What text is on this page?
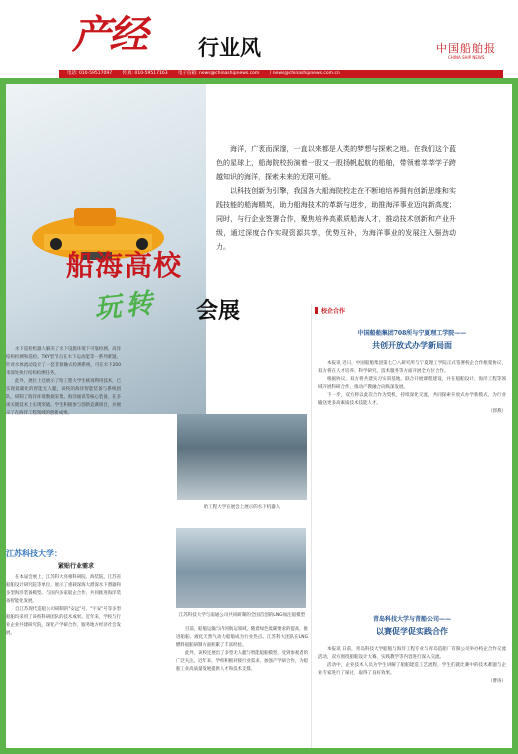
产经	行业风	中国船舶报
CHINA SHIP NEWS
电话: 010-59517097 传真: 010-59517163 电子信箱: news@chinashipnews.com / news@chinashipnews.com.cn

海洋，广袤而深邃，一直以来都是人类的梦想与探索之地。在我们这个蓝色的星球上，船海院校扮演着一股又一股扬帆起航的船舶，带领着莘莘学子跨越知识的海洋，探索未来的无限可能。

以科技创新为引擎，我国各大船海院校走在不断地培养拥有创新思维和实践技能的船海精英，助力船海技术的革新与进步，助推海洋事业迈向新高度；同时，与行企业签署合作，聚焦培养高素质船海人才，推动技术创新和产业升级，通过深度合作实现资源共享，优势互补，为海洋事业的发展注入强劲动力。

船海高校
玩转 会展

水下巡检机器人解决了水下设施环境下可靠检测、高洋结构检测和巡检。TKY型节点在水下运动能等一系列难题，针对水体流动设计了一套非接触式检测系统，可在水下200米深处执行结构检测任务。

此外，展位上还展示了哈工程大学生统再利用技术，已实现低碳化的智能无人艇，该校的海洋智能装备与系统团队，研制了海洋环境数据采集、海洋通讯等核心装备，在多项关键技术上实现突破。学生积极参与创新竞赛项目，并展示了在海洋工程领域的创新成果。

江苏科技大学：
紧贴行业需求

在本届会展上，江苏科大亮相科研院、海装院、江苏省船舶设计研究院等单位，展示了重载深海大潜深水下潜器和多型海洋装备模型。与国内多家船企合作，共同推进海洋装备智能化发展。

自江苏现代造船公司研制的"安远"号、"宇安"号等多型船舶均采用了该校科研团队的技术成果。近年来，学校与行业企业共建研究院，深化产学研合作，服务地方经济社会发展。

哈工程大学在展会上展示的水下机器人
江苏科技大学与南通公司共同研制的全国首创的LNG加注船模型

目前，船舶运输与内河航运领域，随着绿色低碳要求的提高，推进船舶、液化天然气动力船舶成为行业热点。江苏科大团队在LNG燃料船舶研制方面积累了丰富经验。

此外，该校还展出了多型无人艇与智能船舶模型，受到参观者的广泛关注。近年来，学校积极对接行业需求，加强产学研合作，为船舶工业高质量发展提供人才和技术支撑。

校企合作
中国船舶集团708所与宁夏理工学院——
共创开放式办学新局面

本报讯 近日，中国船舶集团第七〇八研究所与宁夏理工学院正式签署校企合作框架协议，双方将在人才培养、科学研究、技术服务等方面开展全方位合作。

根据协议，双方将共建实习实训基地，联合开展课程建设，并在船舶设计、海洋工程等领域开展科研合作，推动产教融合向纵深发展。

下一步，双方将以此次合作为契机，持续深化交流，共同探索开放式办学新模式，为行业输送更多高素质技术技能人才。

（郭燕）

青岛科技大学与青船公司——
以赛促学促实践合作

本报讯 日前，青岛科技大学船舶与海洋工程专业与青岛造船厂有限公司举办校企合作交流活动，双方围绕船舶设计大赛、实践教学等内容进行深入交流。

活动中，企业技术人员为学生讲解了船舶建造工艺流程，学生们就比赛中的技术难题与企业专家进行了探讨，取得了良好效果。

（曹涛）
